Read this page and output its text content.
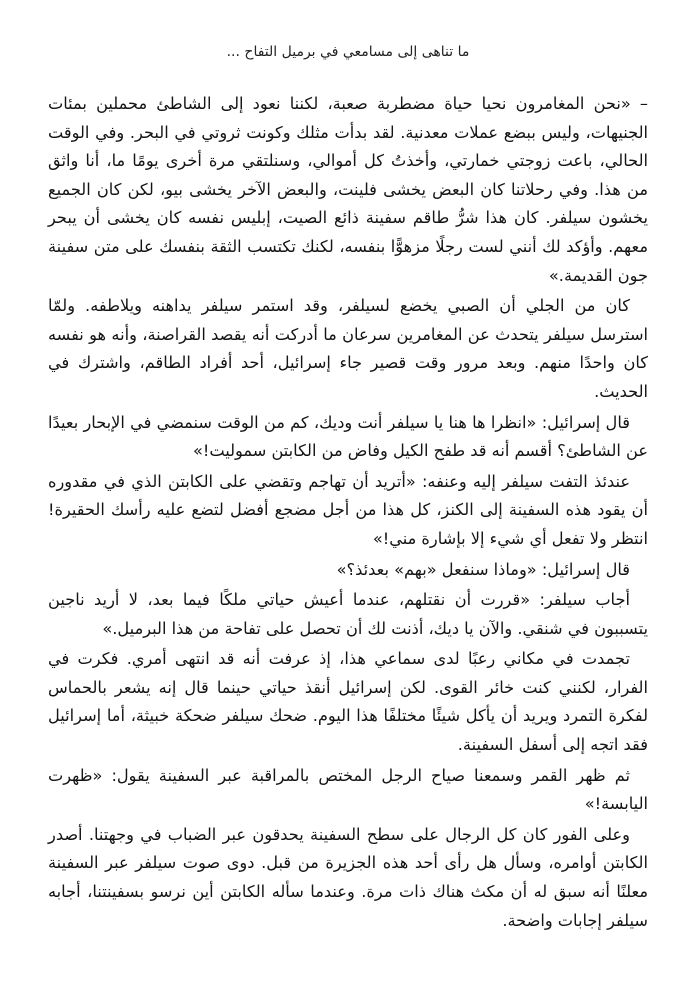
ما تناهى إلى مسامعي في برميل التفاح ...

– «نحن المغامرون نحيا حياة مضطربة صعبة، لكننا نعود إلى الشاطئ محملين بمئات الجنيهات، وليس ببضع عملات معدنية. لقد بدأت مثلك وكونت ثروتي في البحر. وفي الوقت الحالي، باعت زوجتي خمارتي، وأخذتُ كل أموالي، وسنلتقي مرة أخرى يومًا ما، أنا واثق من هذا. وفي رحلاتنا كان البعض يخشى فلينت، والبعض الآخر يخشى بيو، لكن كان الجميع يخشون سيلفر. كان هذا شرُّ طاقم سفينة ذائع الصيت، إبليس نفسه كان يخشى أن يبحر معهم. وأؤكد لك أنني لست رجلًا مزهوًّا بنفسه، لكنك تكتسب الثقة بنفسك على متن سفينة جون القديمة.»

كان من الجلي أن الصبي يخضع لسيلفر، وقد استمر سيلفر يداهنه ويلاطفه. ولمّا استرسل سيلفر يتحدث عن المغامرين سرعان ما أدركت أنه يقصد القراصنة، وأنه هو نفسه كان واحدًا منهم. وبعد مرور وقت قصير جاء إسرائيل، أحد أفراد الطاقم، واشترك في الحديث.

قال إسرائيل: «انظرا ها هنا يا سيلفر أنت وديك، كم من الوقت سنمضي في الإبحار بعيدًا عن الشاطئ؟ أقسم أنه قد طفح الكيل وفاض من الكابتن سموليت!»

عندئذ التفت سيلفر إليه وعنفه: «أتريد أن تهاجم وتقضي على الكابتن الذي في مقدوره أن يقود هذه السفينة إلى الكنز، كل هذا من أجل مضجع أفضل لتضع عليه رأسك الحقيرة! انتظر ولا تفعل أي شيء إلا بإشارة مني!»

قال إسرائيل: «وماذا سنفعل «بهم» بعدئذ؟»

أجاب سيلفر: «قررت أن نقتلهم، عندما أعيش حياتي ملكًا فيما بعد، لا أريد ناجين يتسببون في شنقي. والآن يا ديك، أذنت لك أن تحصل على تفاحة من هذا البرميل.»

تجمدت في مكاني رعبًا لدى سماعي هذا، إذ عرفت أنه قد انتهى أمري. فكرت في الفرار، لكنني كنت خائر القوى. لكن إسرائيل أنقذ حياتي حينما قال إنه يشعر بالحماس لفكرة التمرد ويريد أن يأكل شيئًا مختلفًا هذا اليوم. ضحك سيلفر ضحكة خبيثة، أما إسرائيل فقد اتجه إلى أسفل السفينة.

ثم ظهر القمر وسمعنا صياح الرجل المختص بالمراقبة عبر السفينة يقول: «ظهرت اليابسة!»

وعلى الفور كان كل الرجال على سطح السفينة يحدقون عبر الضباب في وجهتنا. أصدر الكابتن أوامره، وسأل هل رأى أحد هذه الجزيرة من قبل. دوى صوت سيلفر عبر السفينة معلنًا أنه سبق له أن مكث هناك ذات مرة. وعندما سأله الكابتن أين نرسو بسفينتنا، أجابه سيلفر إجابات واضحة.
